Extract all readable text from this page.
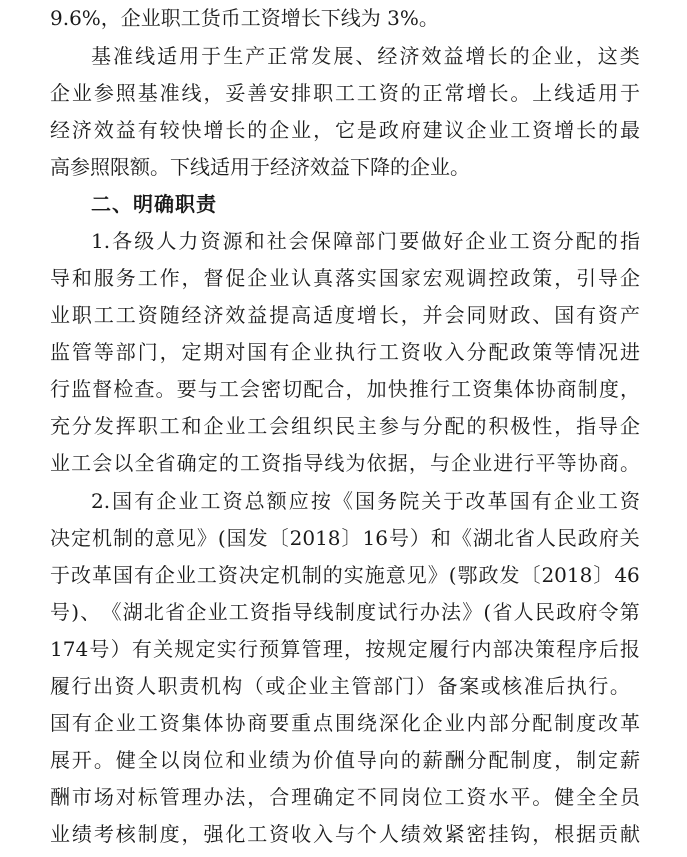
9.6%，企业职工货币工资增长下线为 3%。
基 准 线 适 用 于 生 产 正 常 发 展 、 经 济 效 益 增 长 的 企 业 ， 这 类
企 业 参 照 基 准 线 ， 妥 善 安 排 职 工 工 资 的 正 常 增 长 。 上 线 适 用 于
经 济 效 益 有 较 快 增 长 的 企 业 ， 它 是 政 府 建 议 企 业 工 资 增 长 的 最
高参照限额。下线适用于经济效益下降的企业。
二、明确职责
1. 各 级 人 力 资 源 和 社 会 保 障 部 门 要 做 好 企 业 工 资 分 配 的 指
导 和 服 务 工 作 ， 督 促 企 业 认 真 落 实 国 家 宏 观 调 控 政 策 ， 引 导 企
业 职 工 工 资 随 经 济 效 益 提 高 适 度 增 长 ， 并 会 同 财 政 、 国 有 资 产
监 管 等 部 门 ， 定 期 对 国 有 企 业 执 行 工 资 收 入 分 配 政 策 等 情 况 进
行 监 督 检 查 。 要 与 工 会 密 切 配 合 ， 加 快 推 行 工 资 集 体 协 商 制 度 ，
充 分 发 挥 职 工 和 企 业 工 会 组 织 民 主 参 与 分 配 的 积 极 性 ， 指 导 企
业 工 会 以 全 省 确 定 的 工 资 指 导 线 为 依 据 ， 与 企 业 进 行 平 等 协 商 。
2. 国 有 企 业 工 资 总 额 应 按 《 国 务 院 关 于 改 革 国 有 企 业 工 资
决 定 机 制 的 意 见 》 ( 国 发 〔 2018 〕 16 号 ） 和 《 湖 北 省 人 民 政 府 关
于 改 革 国 有 企 业 工 资 决 定 机 制 的 实 施 意 见 》 ( 鄂 政 发 〔 2018 〕 46
号 ) 、 《 湖 北 省 企 业 工 资 指 导 线 制 度 试 行 办 法 》 ( 省 人 民 政 府 令 第
174 号 ） 有 关 规 定 实 行 预 算 管 理 ， 按 规 定 履 行 内 部 决 策 程 序 后 报
履 行 出 资 人 职 责 机 构 （ 或 企 业 主 管 部 门 ） 备 案 或 核 准 后 执 行 。
国 有 企 业 工 资 集 体 协 商 要 重 点 围 绕 深 化 企 业 内 部 分 配 制 度 改 革
展 开 。 健 全 以 岗 位 和 业 绩 为 价 值 导 向 的 薪 酬 分 配 制 度 ， 制 定 薪
酬 市 场 对 标 管 理 办 法 ， 合 理 确 定 不 同 岗 位 工 资 水 平 。 健 全 全 员
业 绩 考 核 制 度 ， 强 化 工 资 收 入 与 个 人 绩 效 紧 密 挂 钩 ， 根 据 贡 献
